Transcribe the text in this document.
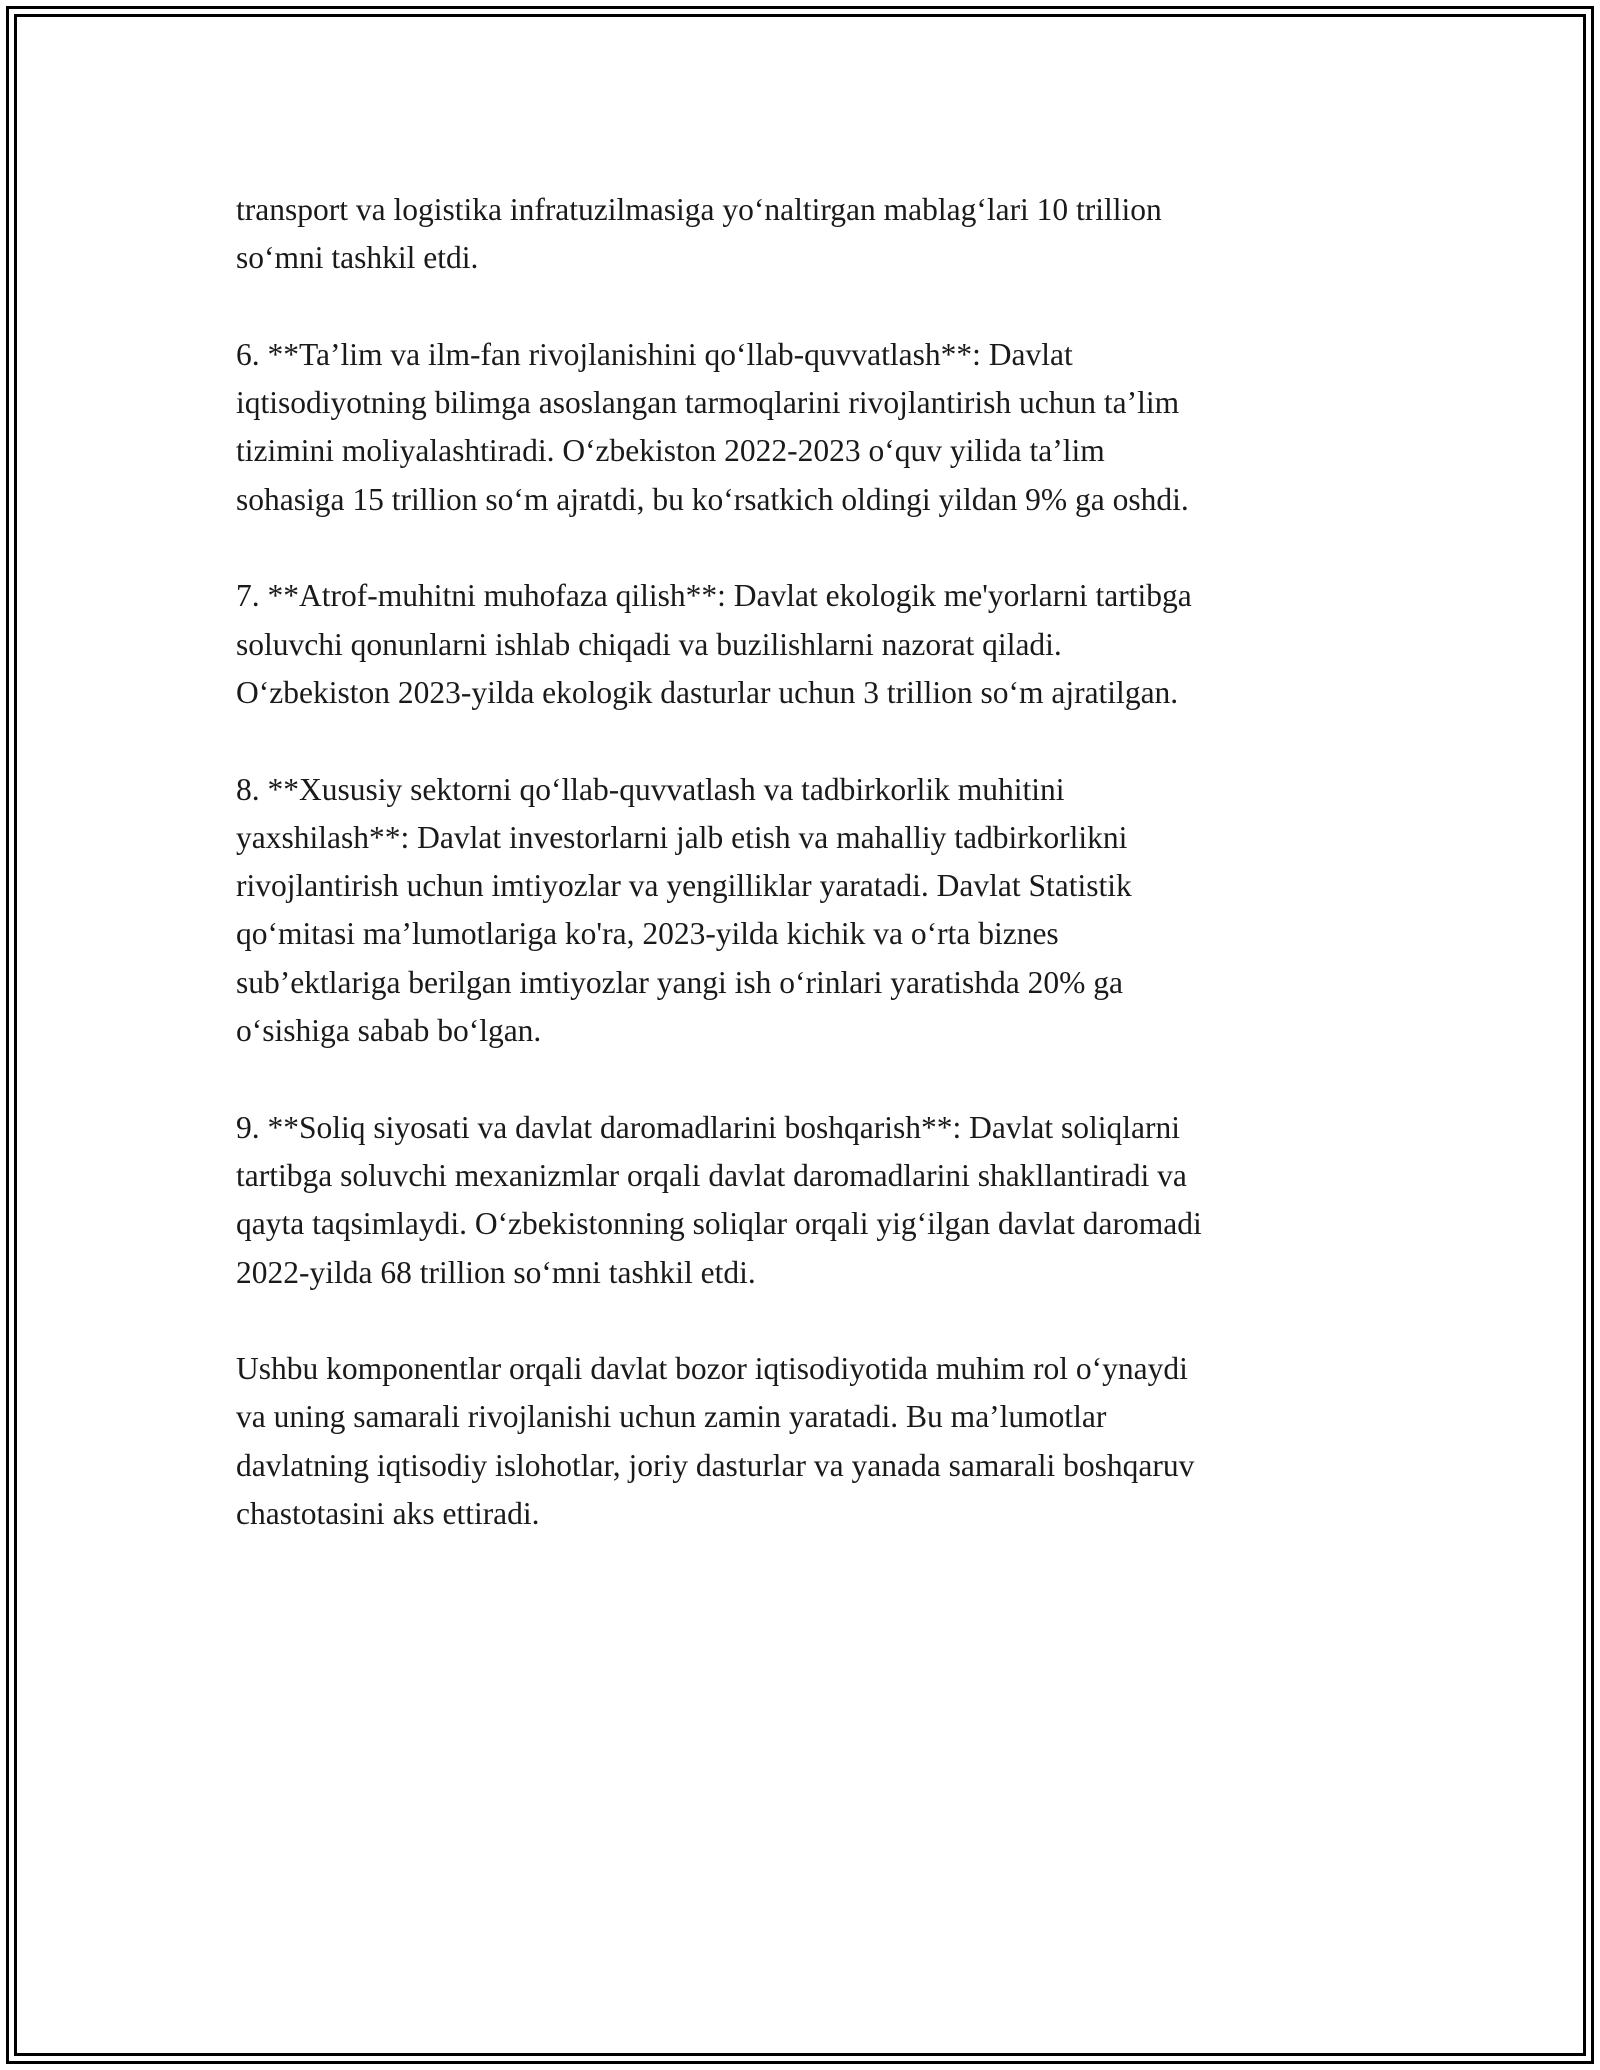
transport va logistika infratuzilmasiga yo‘naltirgan mablag‘lari 10 trillion
so‘mni tashkil etdi.

6. **Ta’lim va ilm-fan rivojlanishini qo‘llab-quvvatlash**: Davlat
iqtisodiyotning bilimga asoslangan tarmoqlarini rivojlantirish uchun ta’lim
tizimini moliyalashtiradi. O‘zbekiston 2022-2023 o‘quv yilida ta’lim
sohasiga 15 trillion so‘m ajratdi, bu ko‘rsatkich oldingi yildan 9% ga oshdi.

7. **Atrof-muhitni muhofaza qilish**: Davlat ekologik me'yorlarni tartibga
soluvchi qonunlarni ishlab chiqadi va buzilishlarni nazorat qiladi.
O‘zbekiston 2023-yilda ekologik dasturlar uchun 3 trillion so‘m ajratilgan.

8. **Xususiy sektorni qo‘llab-quvvatlash va tadbirkorlik muhitini
yaxshilash**: Davlat investorlarni jalb etish va mahalliy tadbirkorlikni
rivojlantirish uchun imtiyozlar va yengilliklar yaratadi. Davlat Statistik
qo‘mitasi ma’lumotlariga ko'ra, 2023-yilda kichik va o‘rta biznes
sub’ektlariga berilgan imtiyozlar yangi ish o‘rinlari yaratishda 20% ga
o‘sishiga sabab bo‘lgan.

9. **Soliq siyosati va davlat daromadlarini boshqarish**: Davlat soliqlarni
tartibga soluvchi mexanizmlar orqali davlat daromadlarini shakllantiradi va
qayta taqsimlaydi. O‘zbekistonning soliqlar orqali yig‘ilgan davlat daromadi
2022-yilda 68 trillion so‘mni tashkil etdi.

Ushbu komponentlar orqali davlat bozor iqtisodiyotida muhim rol o‘ynaydi
va uning samarali rivojlanishi uchun zamin yaratadi. Bu ma’lumotlar
davlatning iqtisodiy islohotlar, joriy dasturlar va yanada samarali boshqaruv
chastotasini aks ettiradi.
